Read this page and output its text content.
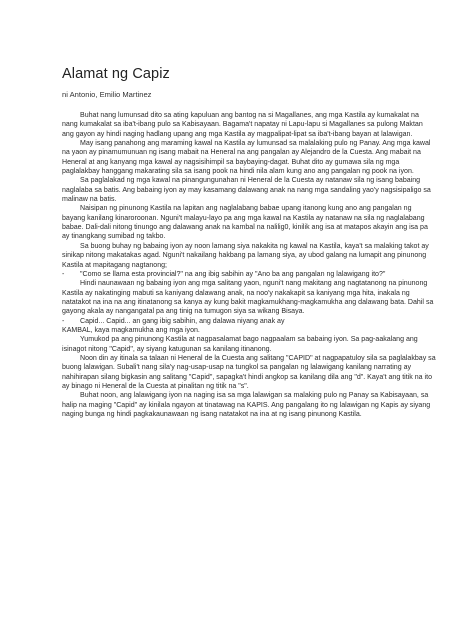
Alamat ng Capiz
ni Antonio, Emilio Martinez

Buhat nang lumunsad dito sa ating kapuluan ang bantog na si Magallanes, ang mga Kastila ay kumakalat na nang kumakalat sa iba't-ibang pulo sa Kabisayaan. Bagama't napatay ni Lapu-lapu si Magallanes sa pulong Maktan ang gayon ay hindi naging hadlang upang ang mga Kastila ay magpalipat-lipat sa iba't-ibang bayan at lalawigan.

May isang panahong ang maraming kawal na Kastila ay lumunsad sa malalaking pulo ng Panay. Ang mga kawal na yaon ay pinamumunuan ng isang mabait na Heneral na ang pangalan ay Alejandro de la Cuesta. Ang mabait na Heneral at ang kanyang mga kawal ay nagsisihimpil sa baybaying-dagat. Buhat dito ay gumawa sila ng mga paglalakbay hanggang makarating sila sa isang pook na hindi nila alam kung ano ang pangalan ng pook na iyon.

Sa paglalakad ng mga kawal na pinangungunahan ni Heneral de la Cuesta ay natanaw sila ng isang babaing naglalaba sa batis. Ang babaing iyon ay may kasamang dalawang anak na nang mga sandaling yao'y nagsisipaligo sa malinaw na batis.

Naisipan ng pinunong Kastila na lapitan ang naglalabang babae upang itanong kung ano ang pangalan ng bayang kanilang kinaroroonan. Nguni't malayu-layo pa ang mga kawal na Kastila ay natanaw na sila ng naglalabang babae. Dali-dali nitong tinungo ang dalawang anak na kambal na nalilig0, kinilik ang isa at matapos akayin ang isa pa ay tinangkang sumibad ng takbo.

Sa buong buhay ng babaing iyon ay noon lamang siya nakakita ng kawal na Kastila, kaya't sa malaking takot ay sinikap nitong makatakas agad. Nguni't nakailang hakbang pa lamang siya, ay ubod galang na lumapit ang pinunong Kastila at mapitagang nagtanong;

- "Como se llama esta provincial?" na ang ibig sabihin ay "Ano ba ang pangalan ng lalawigang ito?"

Hindi naunawaan ng babaing iyon ang mga salitang yaon, nguni't nang makitang ang nagtatanong na pinunong Kastila ay nakatinging mabuti sa kaniyang dalawang anak, na noo'y nakakapit sa kaniyang mga hita, inakala ng natatakot na ina na ang itinatanong sa kanya ay kung bakit magkamukhang-magkamukha ang dalawang bata. Dahil sa gayong akala ay nangangatal pa ang tinig na tumugon siya sa wikang Bisaya.

- Capid... Capid... an gang ibig sabihin, ang dalawa niyang anak ay

KAMBAL, kaya magkamukha ang mga iyon.

Yumukod pa ang pinunong Kastila at nagpasalamat bago nagpaalam sa babaing iyon. Sa pag-aakalang ang isinagot nitong "Capid", ay siyang katugunan sa kanilang itinanong.

Noon din ay itinala sa talaan ni Heneral de la Cuesta ang salitang "CAPID" at nagpapatuloy sila sa paglalakbay sa buong lalawigan. Subali't nang sila'y nag-usap-usap na tungkol sa pangalan ng lalawigang kanilang narrating ay nahihirapan silang bigkasin ang salitang "Capid", sapagka't hindi angkop sa kanilang dila ang "d". Kaya't ang titik na ito ay binago ni Heneral de la Cuesta at pinalitan ng titik na "s".

Buhat noon, ang lalawigang iyon na naging isa sa mga lalawigan sa malaking pulo ng Panay sa Kabisayaan, sa halip na maging "Capid" ay kinilala ngayon at tinatawag na KAPIS. Ang pangalang ito ng lalawigan ng Kapis ay siyang naging bunga ng hindi pagkakaunawaan ng isang natatakot na ina at ng isang pinunong Kastila.
